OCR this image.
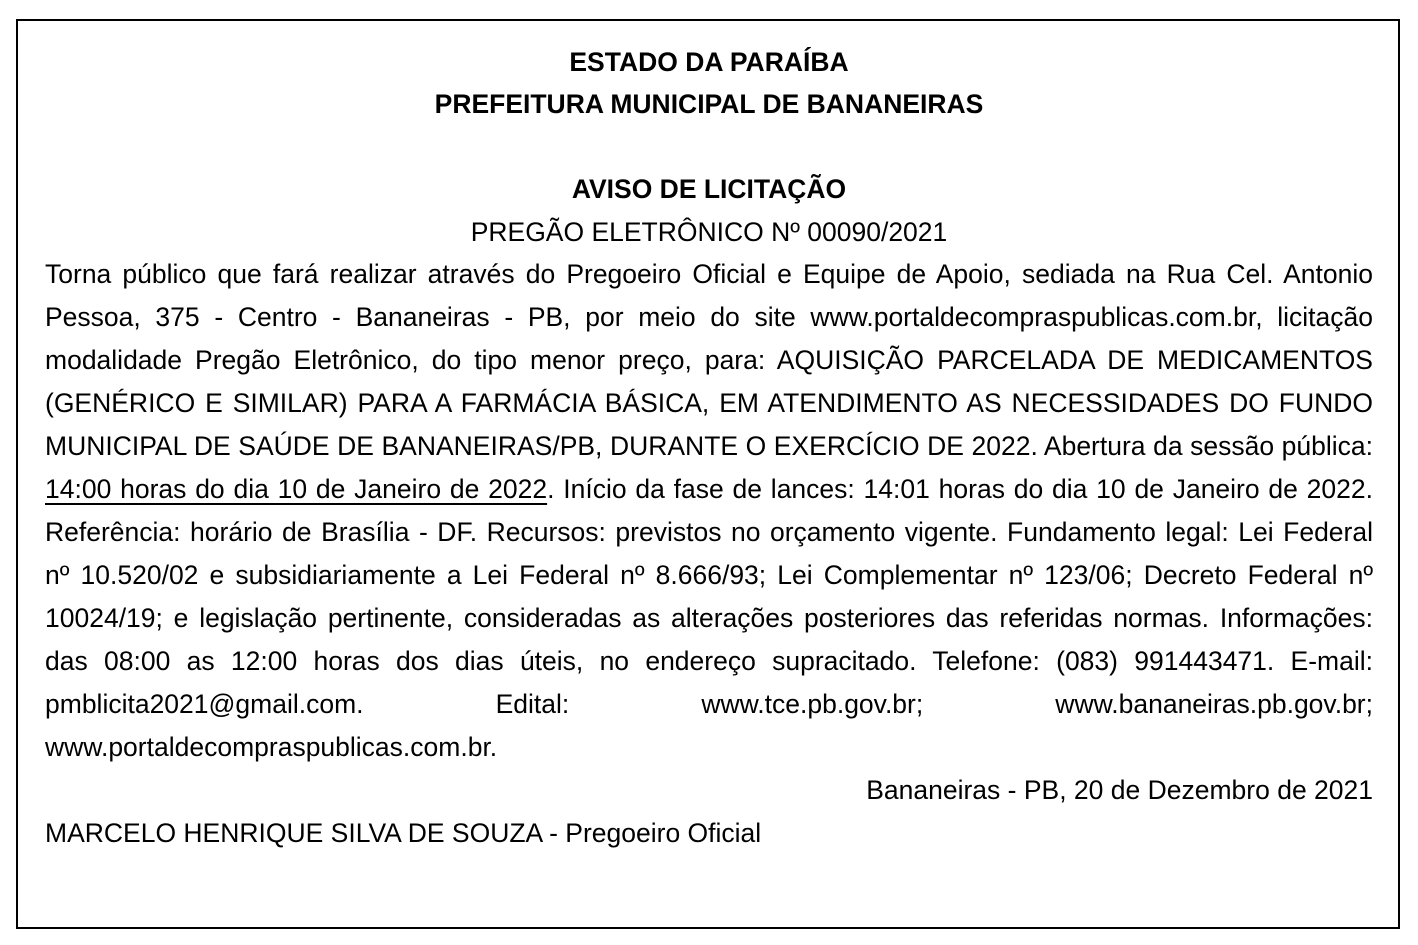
ESTADO DA PARAÍBA

PREFEITURA MUNICIPAL DE BANANEIRAS

AVISO DE LICITAÇÃO

PREGÃO ELETRÔNICO Nº 00090/2021

Torna público que fará realizar através do Pregoeiro Oficial e Equipe de Apoio, sediada na Rua Cel. Antonio Pessoa, 375 - Centro - Bananeiras - PB, por meio do site www.portaldecompraspublicas.com.br, licitação modalidade Pregão Eletrônico, do tipo menor preço, para: AQUISIÇÃO PARCELADA DE MEDICAMENTOS (GENÉRICO E SIMILAR) PARA A FARMÁCIA BÁSICA, EM ATENDIMENTO AS NECESSIDADES DO FUNDO MUNICIPAL DE SAÚDE DE BANANEIRAS/PB, DURANTE O EXERCÍCIO DE 2022. Abertura da sessão pública: 14:00 horas do dia 10 de Janeiro de 2022. Início da fase de lances: 14:01 horas do dia 10 de Janeiro de 2022. Referência: horário de Brasília - DF. Recursos: previstos no orçamento vigente. Fundamento legal: Lei Federal nº 10.520/02 e subsidiariamente a Lei Federal nº 8.666/93; Lei Complementar nº 123/06; Decreto Federal nº 10024/19; e legislação pertinente, consideradas as alterações posteriores das referidas normas. Informações: das 08:00 as 12:00 horas dos dias úteis, no endereço supracitado. Telefone: (083) 991443471. E-mail: pmblicita2021@gmail.com. Edital: www.tce.pb.gov.br; www.bananeiras.pb.gov.br; www.portaldecompraspublicas.com.br.

Bananeiras - PB, 20 de Dezembro de 2021

MARCELO HENRIQUE SILVA DE SOUZA - Pregoeiro Oficial
